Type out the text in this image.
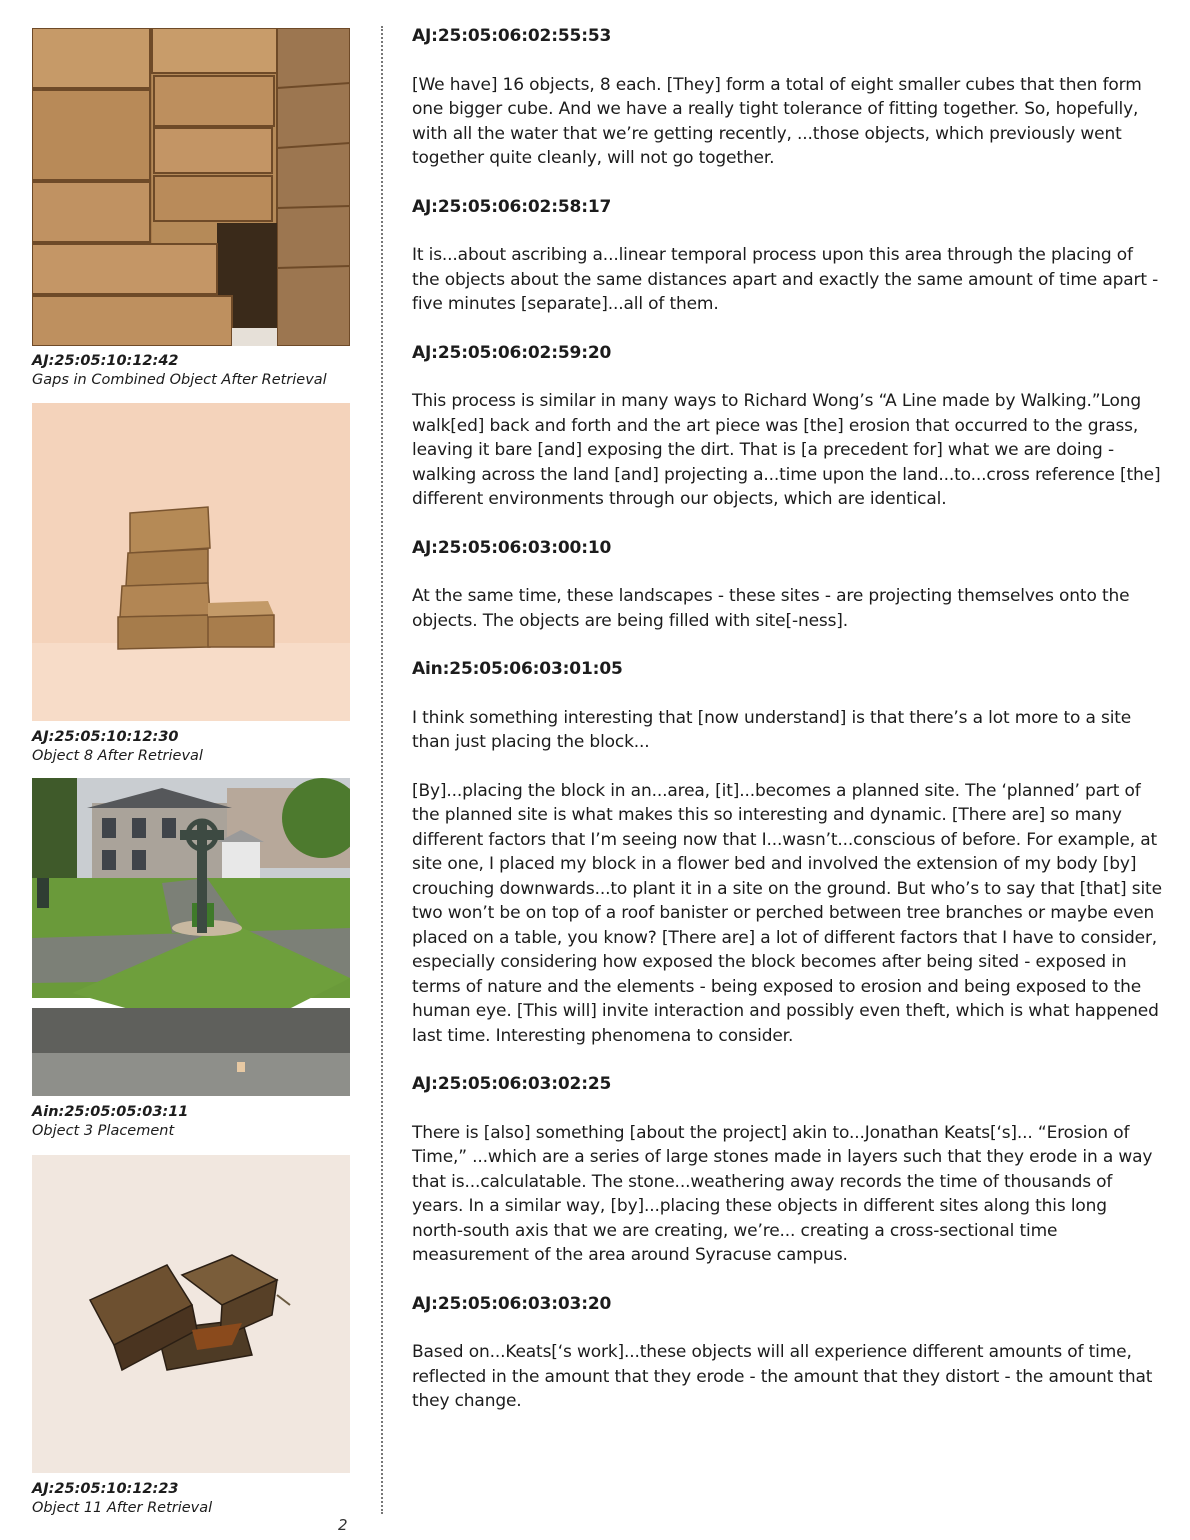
AJ:25:05:10:12:42
Gaps in Combined Object After Retrieval
AJ:25:05:10:12:30
Object 8 After Retrieval
Ain:25:05:05:03:11
Object 3 Placement
AJ:25:05:10:12:23
Object 11 After Retrieval
2
AJ:25:05:06:02:55:53

[We have] 16 objects, 8 each. [They] form a total of eight smaller cubes that then form one bigger cube. And we have a really tight tolerance of fitting together. So, hopefully, with all the water that we’re getting recently, ...those objects, which previously went together quite cleanly, will not go together.

AJ:25:05:06:02:58:17

It is...about ascribing a...linear temporal process upon this area through the placing of the objects about the same distances apart and exactly the same amount of time apart - five minutes [separate]...all of them.

AJ:25:05:06:02:59:20

This process is similar in many ways to Richard Wong’s “A Line made by Walking.”Long walk[ed] back and forth and the art piece was [the] erosion that occurred to the grass, leaving it bare [and] exposing the dirt. That is [a precedent for] what we are doing - walking across the land [and] projecting a...time upon the land...to...cross reference [the] different environments through our objects, which are identical.

AJ:25:05:06:03:00:10

At the same time, these landscapes - these sites - are projecting themselves onto the objects. The objects are being filled with site[-ness].

Ain:25:05:06:03:01:05

I think something interesting that [now understand] is that there’s a lot more to a site than just placing the block...

[By]...placing the block in an...area, [it]...becomes a planned site. The ‘planned’ part of the planned site is what makes this so interesting and dynamic. [There are] so many different factors that I’m seeing now that I...wasn’t...conscious of before. For example, at site one, I placed my block in a flower bed and involved the extension of my body [by] crouching downwards...to plant it in a site on the ground. But who’s to say that [that] site two won’t be on top of a roof banister or perched between tree branches or maybe even placed on a table, you know? [There are] a lot of different factors that I have to consider, especially considering how exposed the block becomes after being sited - exposed in terms of nature and the elements - being exposed to erosion and being exposed to the human eye. [This will] invite interaction and possibly even theft, which is what happened last time. Interesting phenomena to consider.

AJ:25:05:06:03:02:25

There is [also] something [about the project] akin to...Jonathan Keats[‘s]... “Erosion of Time,” ...which are a series of large stones made in layers such that they erode in a way that is...calculatable. The stone...weathering away records the time of thousands of years. In a similar way, [by]...placing these objects in different sites along this long north-south axis that we are creating, we’re... creating a cross-sectional time measurement of the area around Syracuse campus.

AJ:25:05:06:03:03:20

Based on...Keats[‘s work]...these objects will all experience different amounts of time, reflected in the amount that they erode - the amount that they distort - the amount that they change.
